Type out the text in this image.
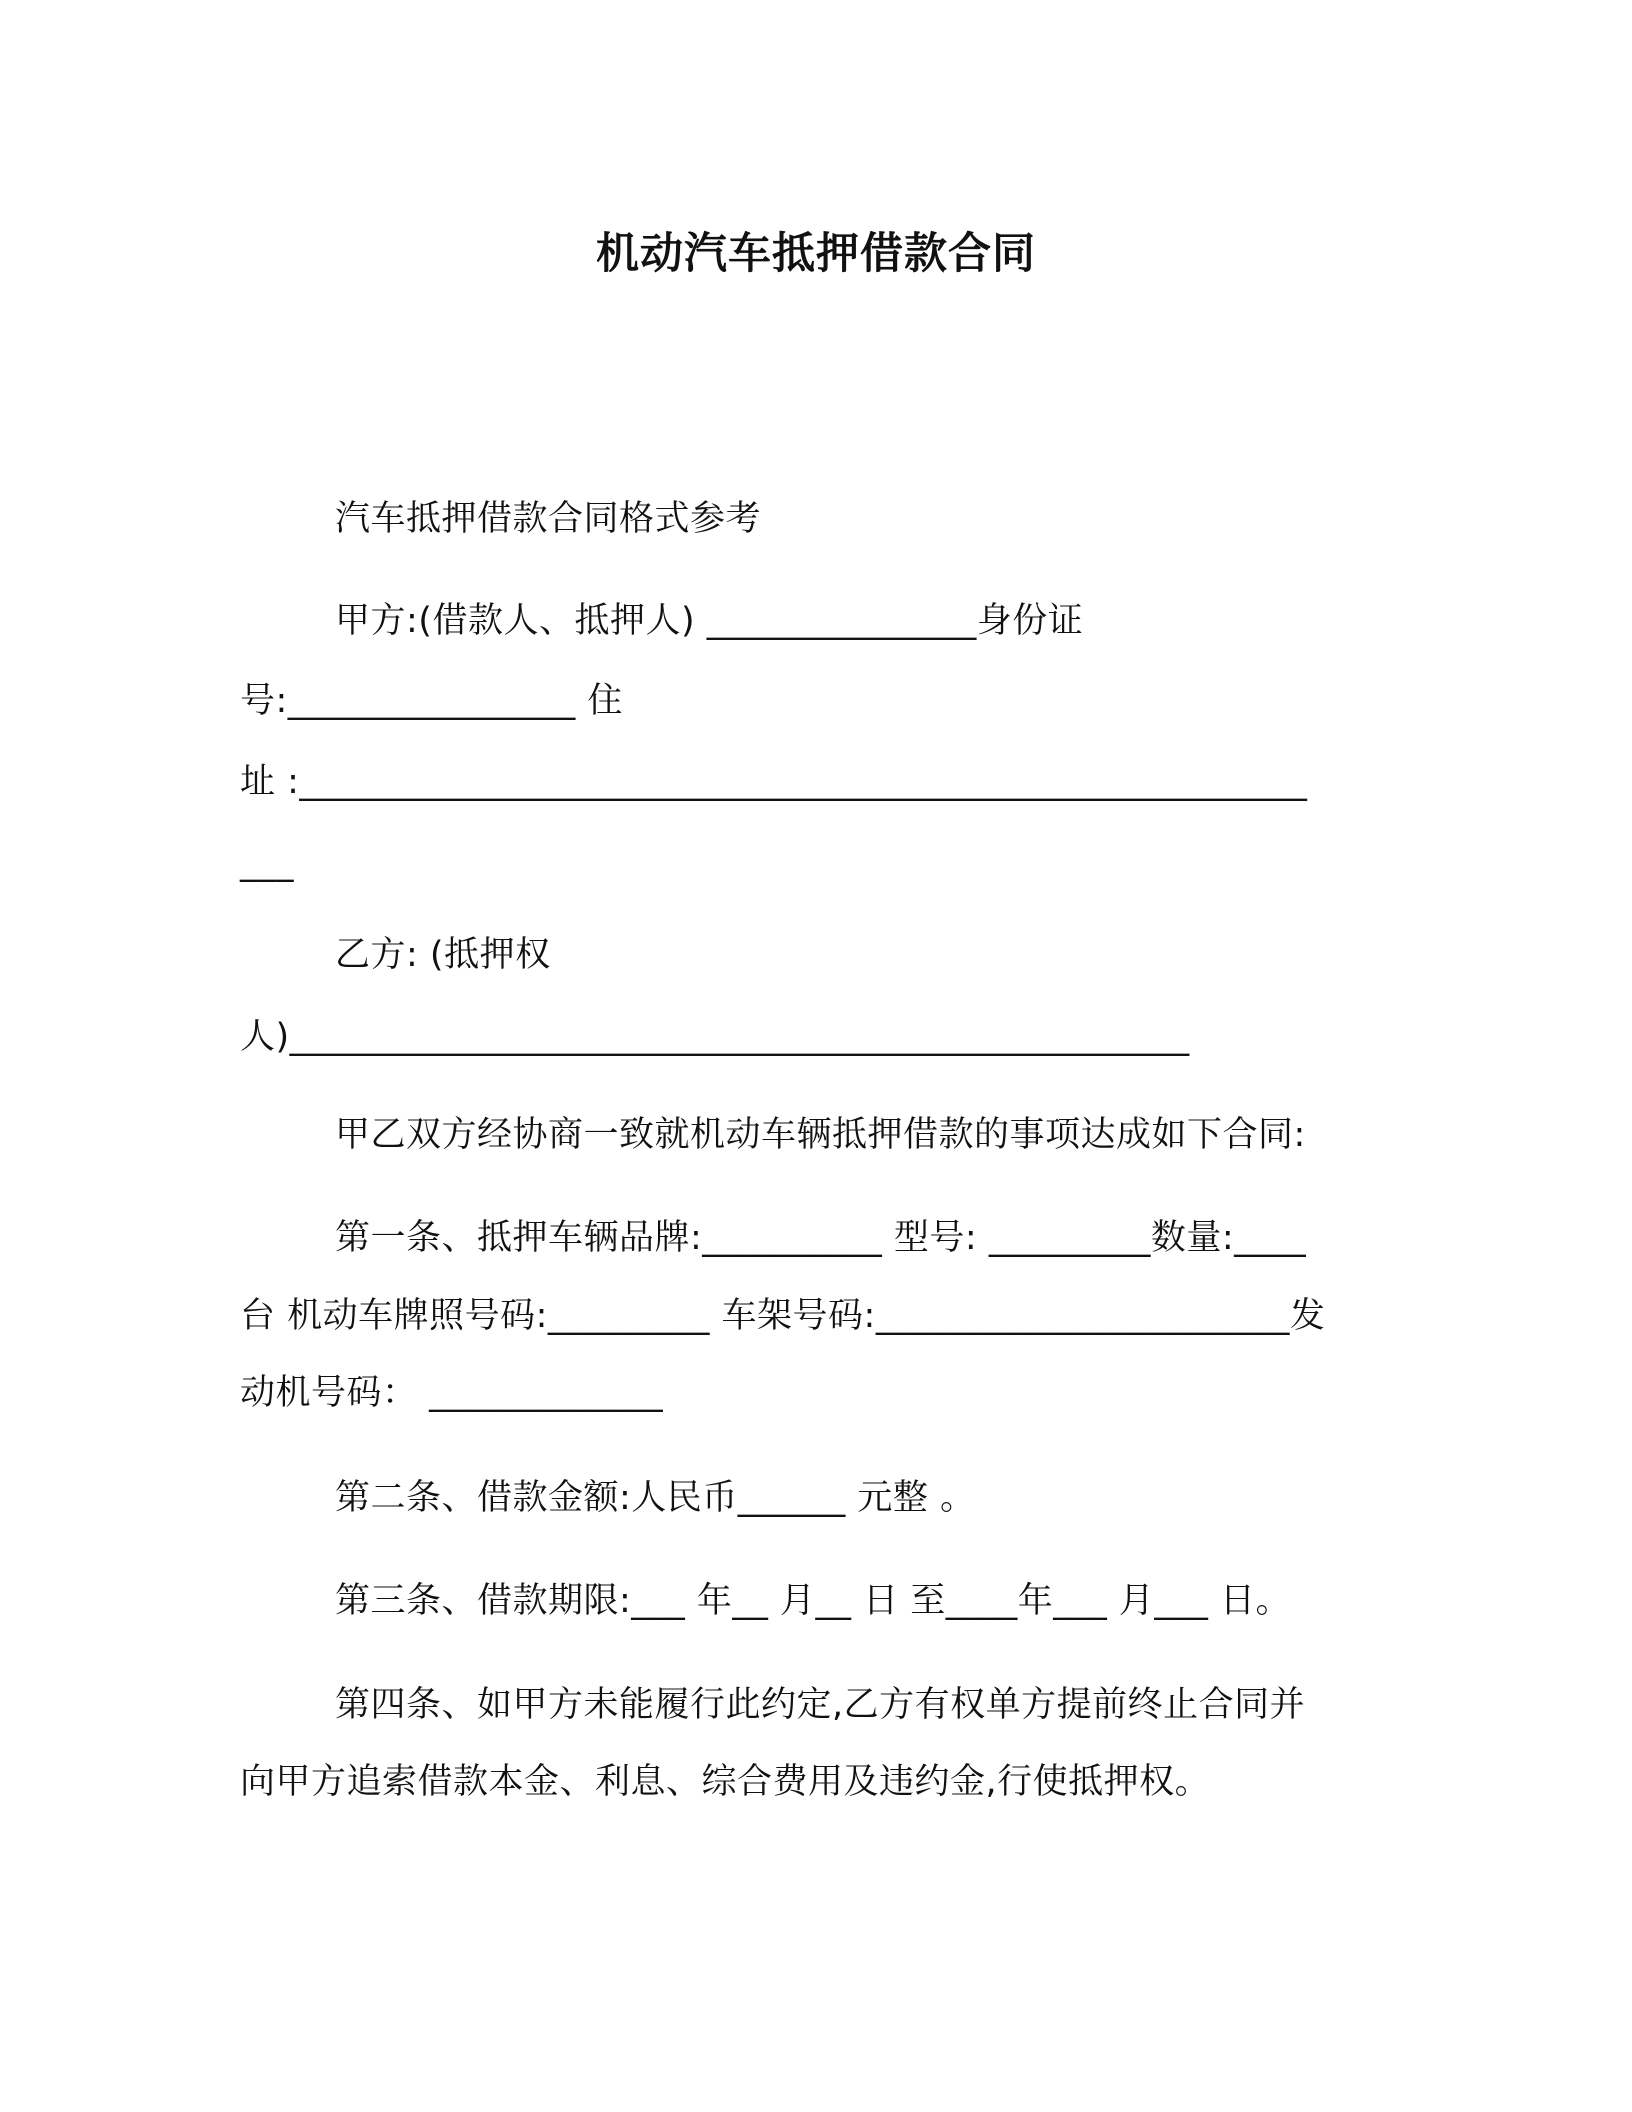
机动汽车抵押借款合同
汽车抵押借款合同格式参考
甲方:(借款人、抵押人) _______________身份证
号:________________ 住
址 :________________________________________________________
___
乙方: (抵押权
人)__________________________________________________
甲乙双方经协商一致就机动车辆抵押借款的事项达成如下合同:
第一条、抵押车辆品牌:__________ 型号: _________数量:____
台 机动车牌照号码:_________ 车架号码:_______________________发
动机号码： _____________
第二条、借款金额:人民币______ 元整 。
第三条、借款期限:___ 年__ 月__ 日 至____年___ 月___ 日。
第四条、如甲方未能履行此约定,乙方有权单方提前终止合同并
向甲方追索借款本金、利息、综合费用及违约金,行使抵押权。
